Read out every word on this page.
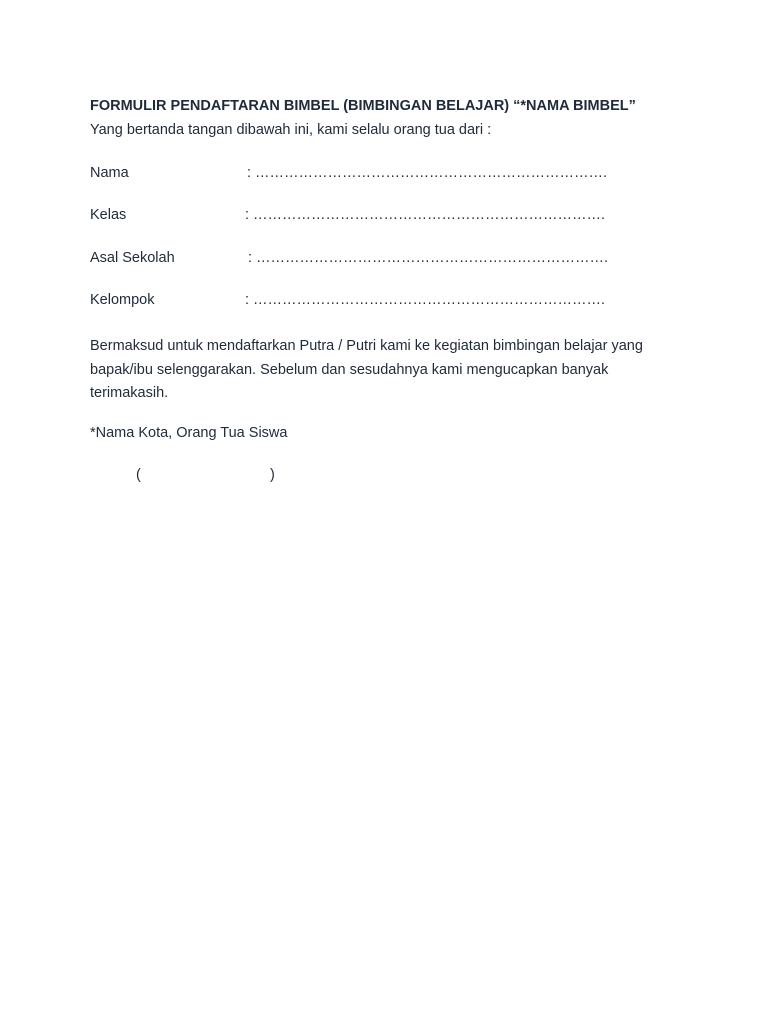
FORMULIR PENDAFTARAN BIMBEL (BIMBINGAN BELAJAR) “*NAMA BIMBEL”
Yang bertanda tangan dibawah ini, kami selalu orang tua dari :
Nama	: ……………………………………………………………….
Kelas	: ……………………………………………………………….
Asal Sekolah	: ……………………………………………………………….
Kelompok	: ……………………………………………………………….
Bermaksud untuk mendaftarkan Putra / Putri kami ke kegiatan bimbingan belajar yang bapak/ibu selenggarakan. Sebelum dan sesudahnya kami mengucapkan banyak terimakasih.
*Nama Kota, Orang Tua Siswa
(	)
